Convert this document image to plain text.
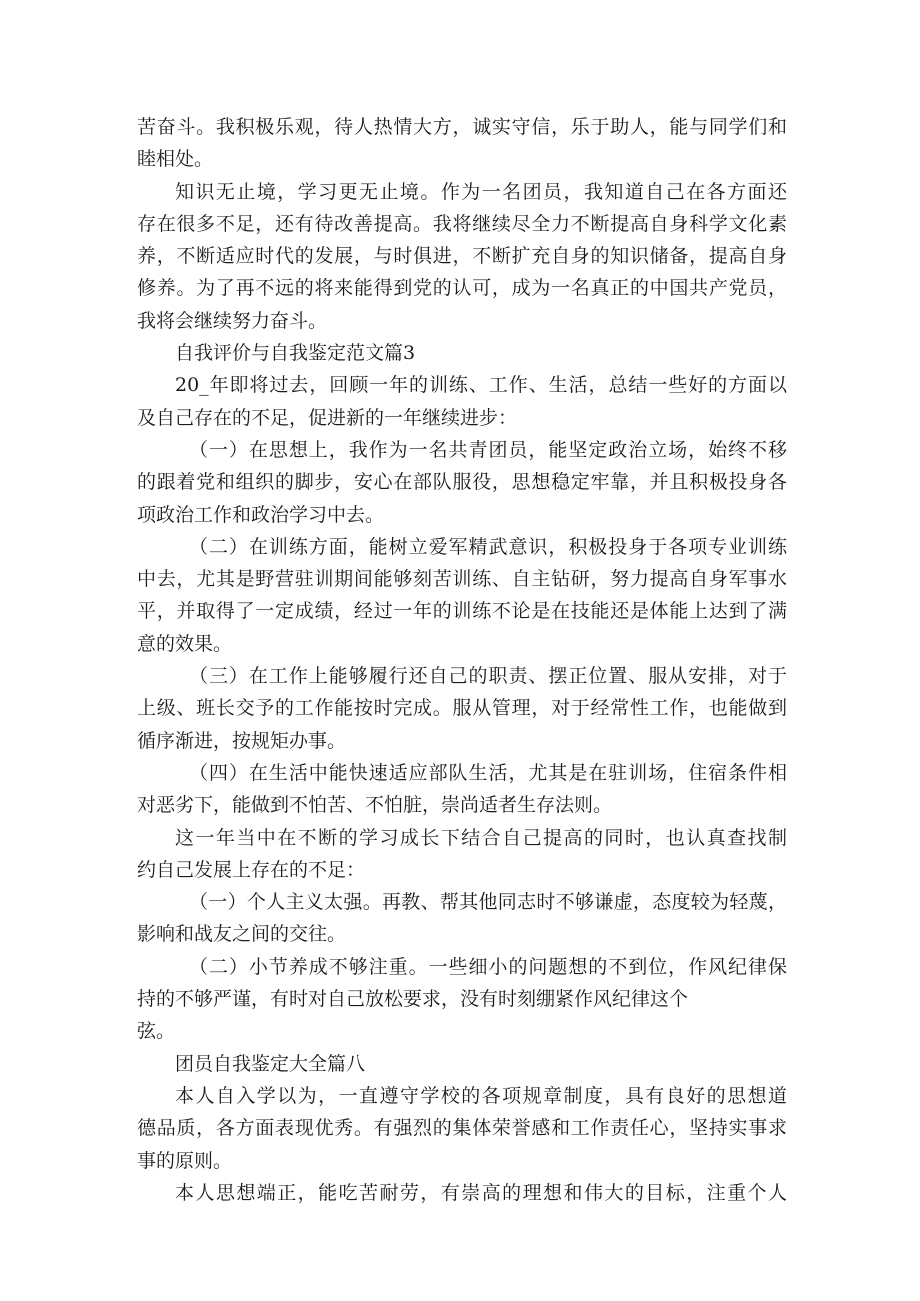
苦奋斗。我积极乐观，待人热情大方，诚实守信，乐于助人，能与同学们和
睦相处。
知识无止境，学习更无止境。作为一名团员，我知道自己在各方面还
存在很多不足，还有待改善提高。我将继续尽全力不断提高自身科学文化素
养，不断适应时代的发展，与时俱进，不断扩充自身的知识储备，提高自身
修养。为了再不远的将来能得到党的认可，成为一名真正的中国共产党员，
我将会继续努力奋斗。
自我评价与自我鉴定范文篇3
20_年即将过去，回顾一年的训练、工作、生活，总结一些好的方面以
及自己存在的不足，促进新的一年继续进步：
（一）在思想上，我作为一名共青团员，能坚定政治立场，始终不移
的跟着党和组织的脚步，安心在部队服役，思想稳定牢靠，并且积极投身各
项政治工作和政治学习中去。
（二）在训练方面，能树立爱军精武意识，积极投身于各项专业训练
中去，尤其是野营驻训期间能够刻苦训练、自主钻研，努力提高自身军事水
平，并取得了一定成绩，经过一年的训练不论是在技能还是体能上达到了满
意的效果。
（三）在工作上能够履行还自己的职责、摆正位置、服从安排，对于
上级、班长交予的工作能按时完成。服从管理，对于经常性工作，也能做到
循序渐进，按规矩办事。
（四）在生活中能快速适应部队生活，尤其是在驻训场，住宿条件相
对恶劣下，能做到不怕苦、不怕脏，崇尚适者生存法则。
这一年当中在不断的学习成长下结合自己提高的同时，也认真查找制
约自己发展上存在的不足：
（一）个人主义太强。再教、帮其他同志时不够谦虚，态度较为轻蔑，
影响和战友之间的交往。
（二）小节养成不够注重。一些细小的问题想的不到位，作风纪律保
持的不够严谨，有时对自己放松要求，没有时刻绷紧作风纪律这个
弦。
团员自我鉴定大全篇八
本人自入学以为，一直遵守学校的各项规章制度，具有良好的思想道
德品质，各方面表现优秀。有强烈的集体荣誉感和工作责任心，坚持实事求
事的原则。
本人思想端正，能吃苦耐劳，有崇高的理想和伟大的目标，注重个人
